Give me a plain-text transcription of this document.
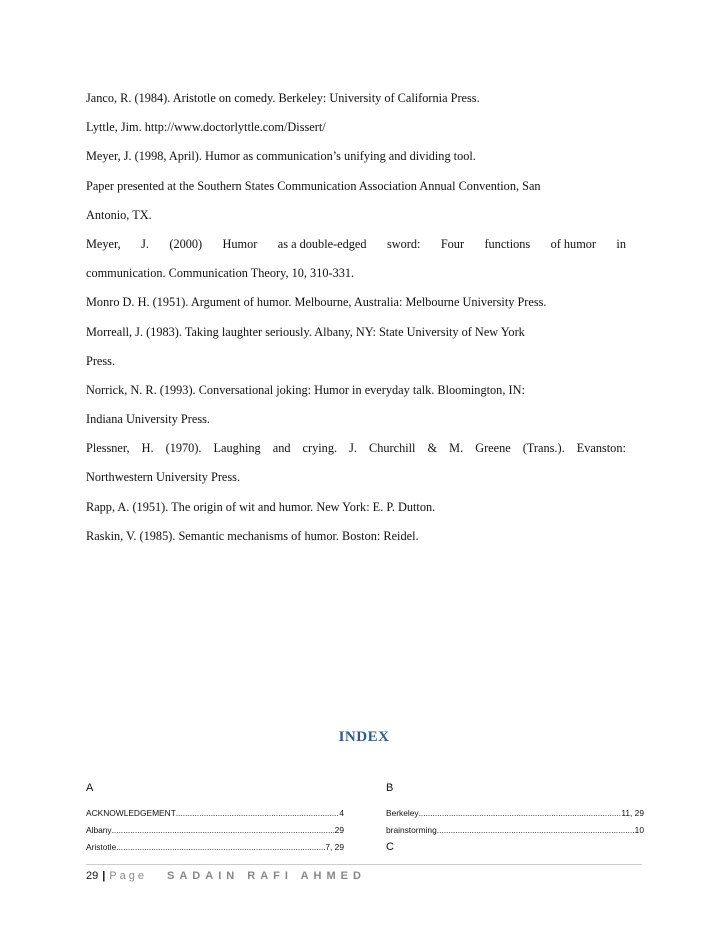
Janco, R. (1984). Aristotle on comedy. Berkeley: University of California Press.
Lyttle, Jim. http://www.doctorlyttle.com/Dissert/
Meyer, J. (1998, April). Humor as communication’s unifying and dividing tool.
Paper presented at the Southern States Communication Association Annual Convention, San
Antonio, TX.
Meyer, J. (2000) Humor as a double-edged sword: Four functions of humor in
communication. Communication Theory, 10, 310-331.
Monro D. H. (1951). Argument of humor. Melbourne, Australia: Melbourne University Press.
Morreall, J. (1983). Taking laughter seriously. Albany, NY: State University of New York
Press.
Norrick, N. R. (1993). Conversational joking: Humor in everyday talk. Bloomington, IN:
Indiana University Press.
Plessner, H. (1970). Laughing and crying. J. Churchill & M. Greene (Trans.). Evanston:
Northwestern University Press.
Rapp, A. (1951). The origin of wit and humor. New York: E. P. Dutton.
Raskin, V. (1985). Semantic mechanisms of humor. Boston: Reidel.
INDEX
A
ACKNOWLEDGEMENT .....	4
Albany .....	29
Aristotle .....	7, 29
B
Berkeley .....	11, 29
brainstorming .....	10
C
29 | Page SADAIN RAFI AHMED
